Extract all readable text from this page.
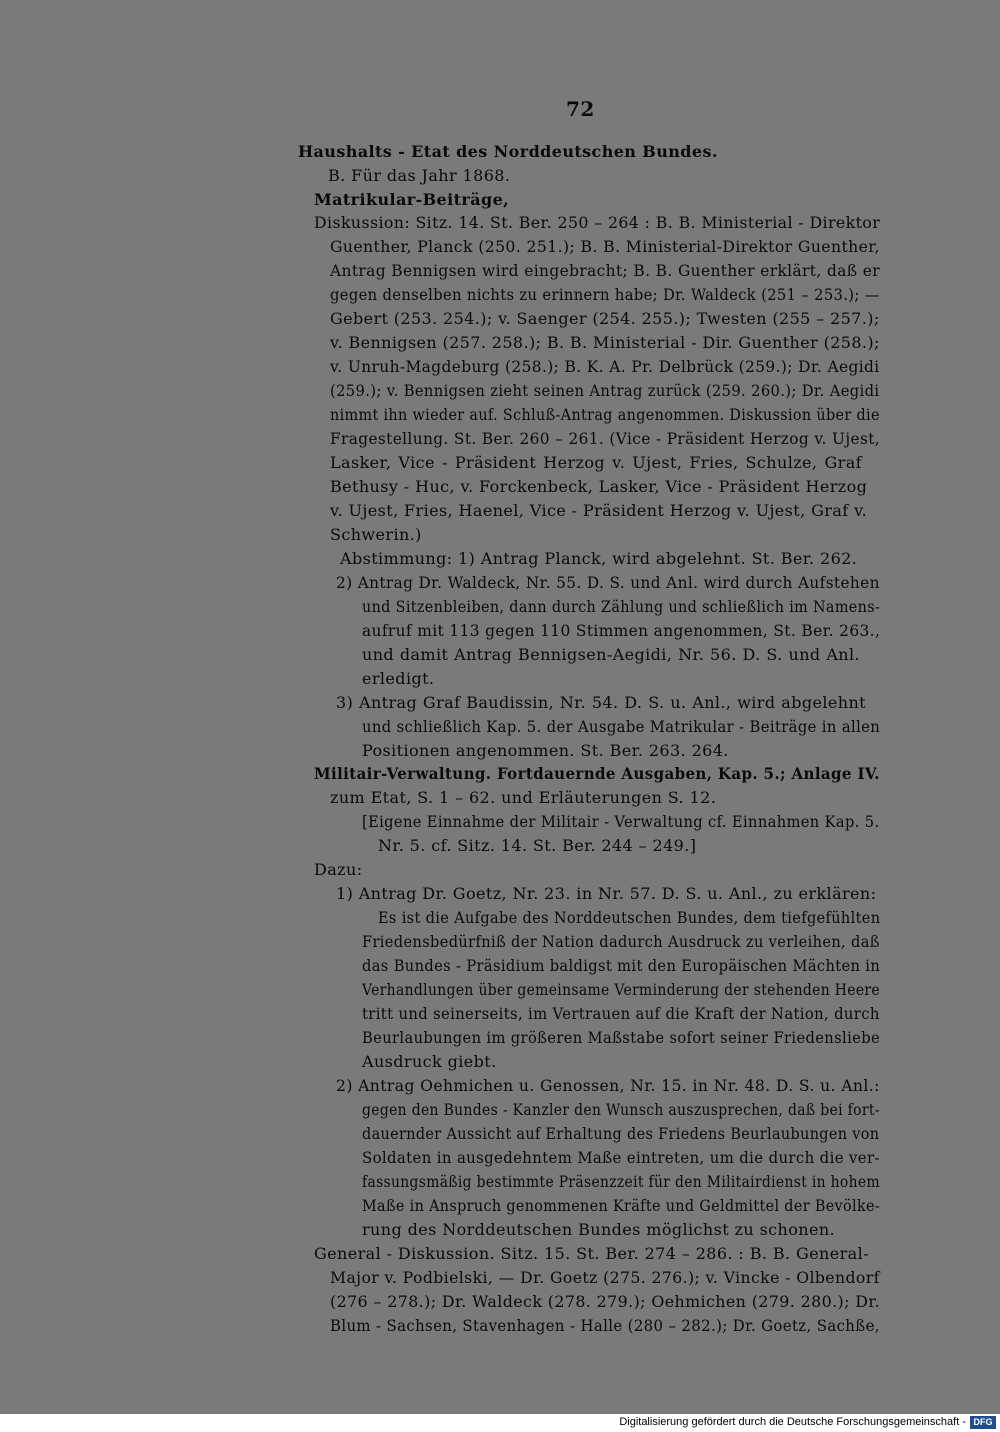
72
Haushalts - Etat des Norddeutschen Bundes.
B. Für das Jahr 1868.
Matrikular-Beiträge,
Diskussion: Sitz. 14. St. Ber. 250 – 264 : B. B. Ministerial - Direktor
Guenther, Planck (250. 251.); B. B. Ministerial-Direktor Guenther,
Antrag Bennigsen wird eingebracht; B. B. Guenther erklärt, daß er
gegen denselben nichts zu erinnern habe; Dr. Waldeck (251 – 253.); —
Gebert (253. 254.); v. Saenger (254. 255.); Twesten (255 – 257.);
v. Bennigsen (257. 258.); B. B. Ministerial - Dir. Guenther (258.);
v. Unruh-Magdeburg (258.); B. K. A. Pr. Delbrück (259.); Dr. Aegidi
(259.); v. Bennigsen zieht seinen Antrag zurück (259. 260.); Dr. Aegidi
nimmt ihn wieder auf. Schluß-Antrag angenommen. Diskussion über die
Fragestellung. St. Ber. 260 – 261. (Vice - Präsident Herzog v. Ujest,
Lasker, Vice - Präsident Herzog v. Ujest, Fries, Schulze, Graf
Bethusy - Huc, v. Forckenbeck, Lasker, Vice - Präsident Herzog
v. Ujest, Fries, Haenel, Vice - Präsident Herzog v. Ujest, Graf v.
Schwerin.)
Abstimmung: 1) Antrag Planck, wird abgelehnt. St. Ber. 262.
2) Antrag Dr. Waldeck, Nr. 55. D. S. und Anl. wird durch Aufstehen
und Sitzenbleiben, dann durch Zählung und schließlich im Namens-
aufruf mit 113 gegen 110 Stimmen angenommen, St. Ber. 263.,
und damit Antrag Bennigsen-Aegidi, Nr. 56. D. S. und Anl.
erledigt.
3) Antrag Graf Baudissin, Nr. 54. D. S. u. Anl., wird abgelehnt
und schließlich Kap. 5. der Ausgabe Matrikular - Beiträge in allen
Positionen angenommen. St. Ber. 263. 264.
Militair-Verwaltung. Fortdauernde Ausgaben, Kap. 5.; Anlage IV.
zum Etat, S. 1 – 62. und Erläuterungen S. 12.
[Eigene Einnahme der Militair - Verwaltung cf. Einnahmen Kap. 5.
Nr. 5. cf. Sitz. 14. St. Ber. 244 – 249.]
Dazu:
1) Antrag Dr. Goetz, Nr. 23. in Nr. 57. D. S. u. Anl., zu erklären:
Es ist die Aufgabe des Norddeutschen Bundes, dem tiefgefühlten
Friedensbedürfniß der Nation dadurch Ausdruck zu verleihen, daß
das Bundes - Präsidium baldigst mit den Europäischen Mächten in
Verhandlungen über gemeinsame Verminderung der stehenden Heere
tritt und seinerseits, im Vertrauen auf die Kraft der Nation, durch
Beurlaubungen im größeren Maßstabe sofort seiner Friedensliebe
Ausdruck giebt.
2) Antrag Oehmichen u. Genossen, Nr. 15. in Nr. 48. D. S. u. Anl.:
gegen den Bundes - Kanzler den Wunsch auszusprechen, daß bei fort-
dauernder Aussicht auf Erhaltung des Friedens Beurlaubungen von
Soldaten in ausgedehntem Maße eintreten, um die durch die ver-
fassungsmäßig bestimmte Präsenzzeit für den Militairdienst in hohem
Maße in Anspruch genommenen Kräfte und Geldmittel der Bevölke-
rung des Norddeutschen Bundes möglichst zu schonen.
General - Diskussion. Sitz. 15. St. Ber. 274 – 286. : B. B. General-
Major v. Podbielski, — Dr. Goetz (275. 276.); v. Vincke - Olbendorf
(276 – 278.); Dr. Waldeck (278. 279.); Oehmichen (279. 280.); Dr.
Blum - Sachsen, Stavenhagen - Halle (280 – 282.); Dr. Goetz, Sachße,
Digitalisierung gefördert durch die Deutsche Forschungsgemeinschaft - DFG
